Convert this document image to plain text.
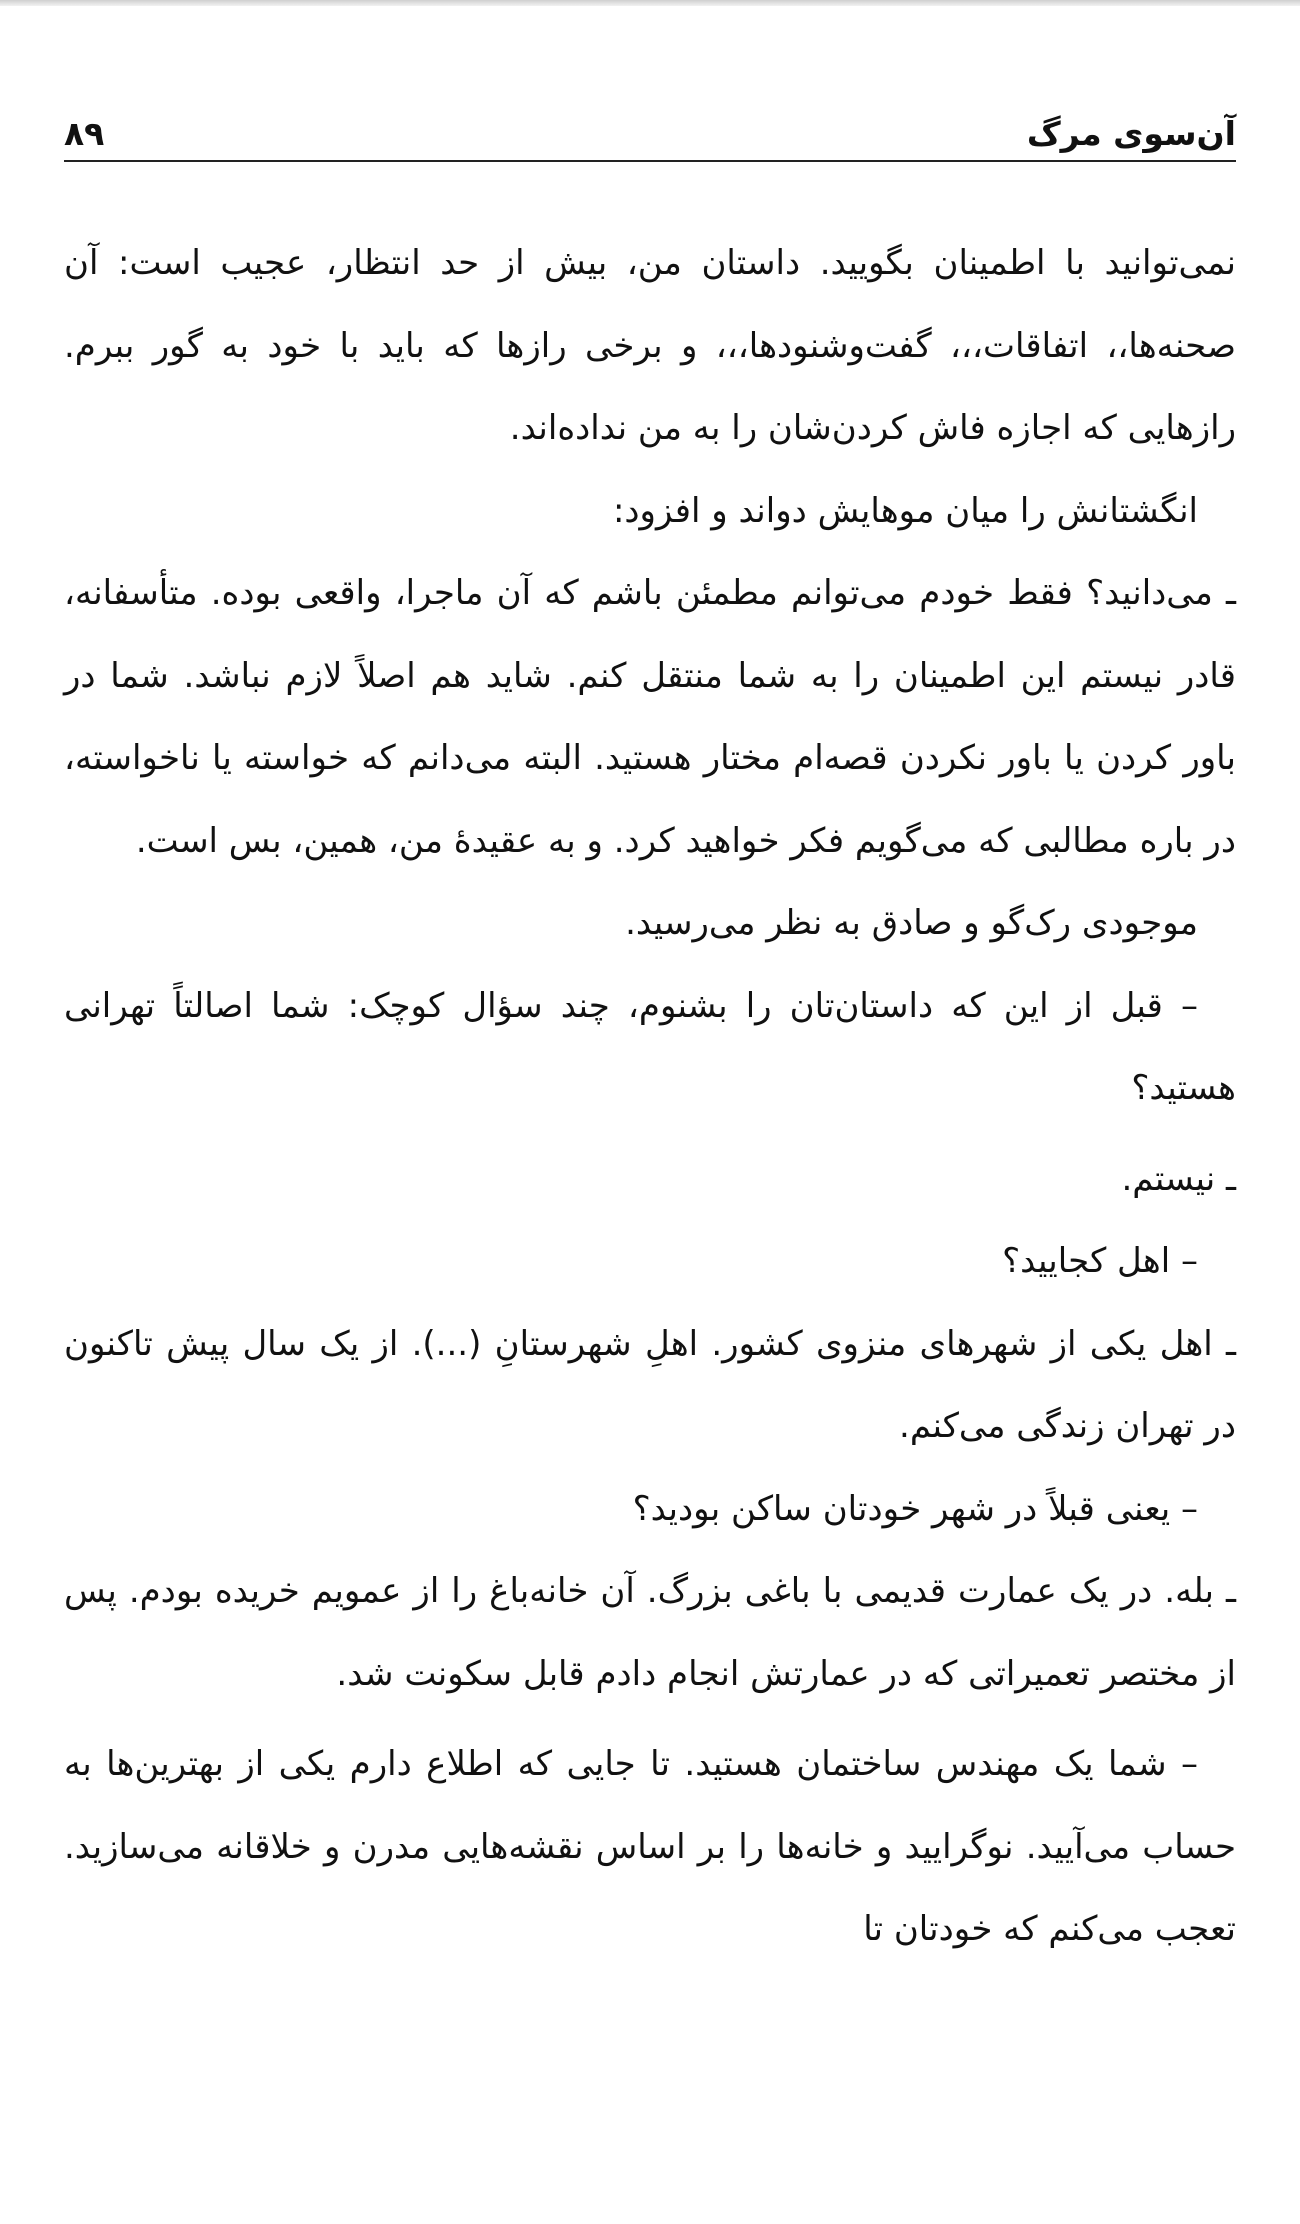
آن‌سوی مرگ
۸۹

نمی‌توانید با اطمینان بگویید. داستان من، بیش از حد انتظار، عجیب است: آن صحنه‌ها،، اتفاقات،،، گفت‌وشنودها،،، و برخی رازها که باید با خود به گور ببرم. رازهایی که اجازه فاش کردن‌شان را به من نداده‌اند.

انگشتانش را میان موهایش دواند و افزود:

ـ می‌دانید؟ فقط خودم می‌توانم مطمئن باشم که آن ماجرا، واقعی بوده. متأسفانه، قادر نیستم این اطمینان را به شما منتقل کنم. شاید هم اصلاً لازم نباشد. شما در باور کردن یا باور نکردن قصه‌ام مختار هستید. البته می‌دانم که خواسته یا ناخواسته، در باره مطالبی که می‌گویم فکر خواهید کرد. و به عقیدهٔ من، همین، بس است.

موجودی رک‌گو و صادق به نظر می‌رسید.

– قبل از این که داستان‌تان را بشنوم، چند سؤال کوچک: شما اصالتاً تهرانی هستید؟

ـ نیستم.

– اهل کجایید؟

ـ اهل یکی از شهرهای منزوی کشور. اهلِ شهرستانِ (...). از یک سال پیش تاکنون در تهران زندگی می‌کنم.

– یعنی قبلاً در شهر خودتان ساکن بودید؟

ـ بله. در یک عمارت قدیمی با باغی بزرگ. آن خانه‌باغ را از عمویم خریده بودم. پس از مختصر تعمیراتی که در عمارتش انجام دادم قابل سکونت شد.

– شما یک مهندس ساختمان هستید. تا جایی که اطلاع دارم یکی از بهترین‌ها به حساب می‌آیید. نوگرایید و خانه‌ها را بر اساس نقشه‌هایی مدرن و خلاقانه می‌سازید. تعجب می‌کنم که خودتان تا
